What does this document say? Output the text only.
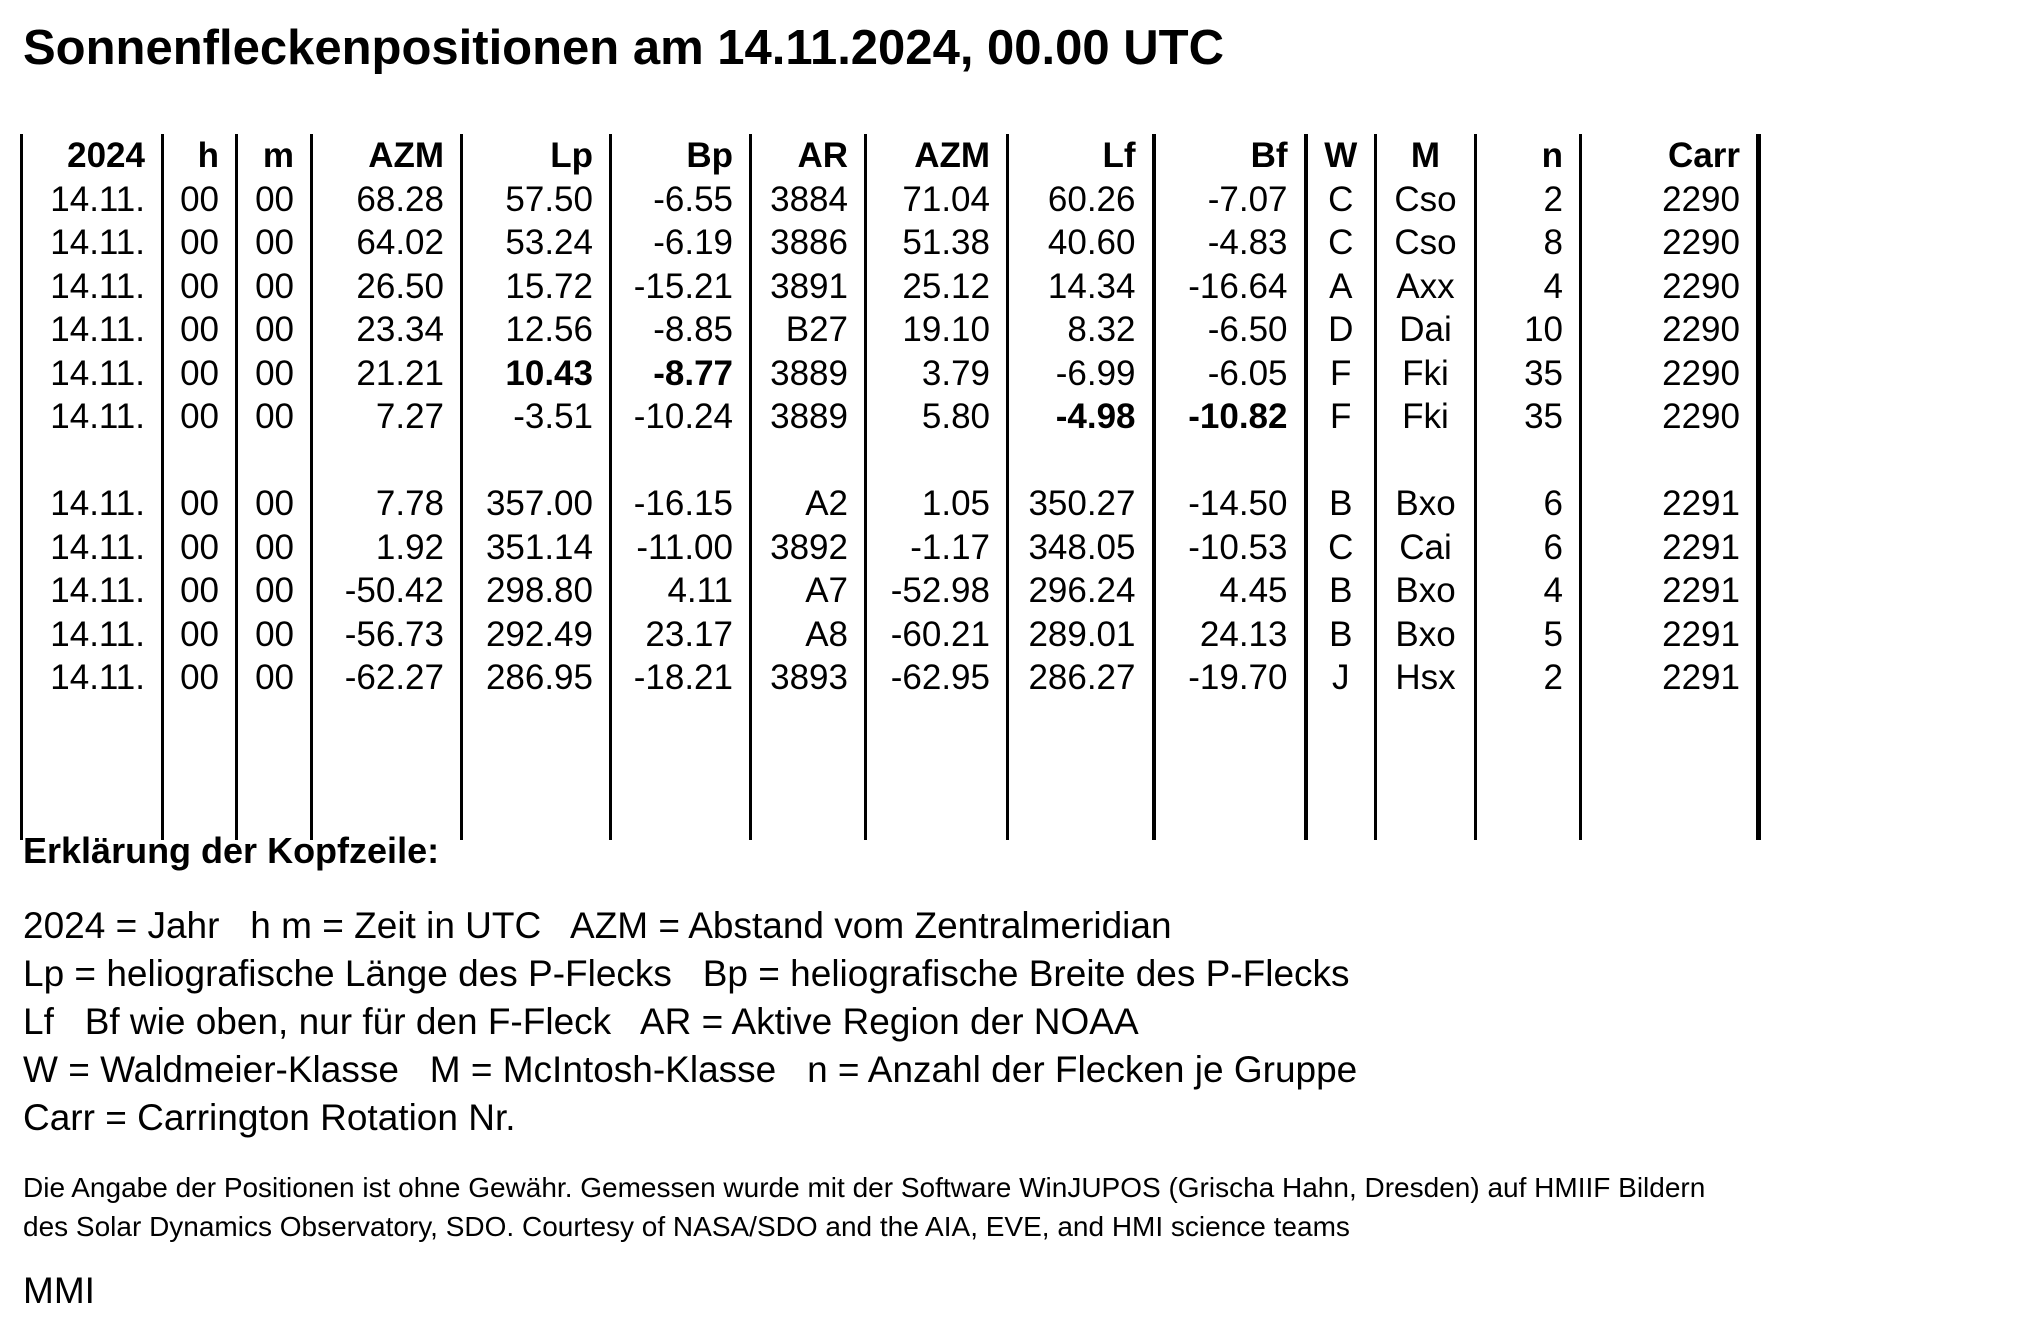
Sonnenfleckenpositionen am 14.11.2024, 00.00 UTC
2024	h	m	AZM	Lp	Bp	AR	AZM	Lf	Bf	W	M	n	Carr
14.11.	00	00	68.28	57.50	-6.55	3884	71.04	60.26	-7.07	C	Cso	2	2290
14.11.	00	00	64.02	53.24	-6.19	3886	51.38	40.60	-4.83	C	Cso	8	2290
14.11.	00	00	26.50	15.72	-15.21	3891	25.12	14.34	-16.64	A	Axx	4	2290
14.11.	00	00	23.34	12.56	-8.85	B27	19.10	8.32	-6.50	D	Dai	10	2290
14.11.	00	00	21.21	10.43	-8.77	3889	3.79	-6.99	-6.05	F	Fki	35	2290
14.11.	00	00	7.27	-3.51	-10.24	3889	5.80	-4.98	-10.82	F	Fki	35	2290

14.11.	00	00	7.78	357.00	-16.15	A2	1.05	350.27	-14.50	B	Bxo	6	2291
14.11.	00	00	1.92	351.14	-11.00	3892	-1.17	348.05	-10.53	C	Cai	6	2291
14.11.	00	00	-50.42	298.80	4.11	A7	-52.98	296.24	4.45	B	Bxo	4	2291
14.11.	00	00	-56.73	292.49	23.17	A8	-60.21	289.01	24.13	B	Bxo	5	2291
14.11.	00	00	-62.27	286.95	-18.21	3893	-62.95	286.27	-19.70	J	Hsx	2	2291

Erklärung der Kopfzeile:
2024 = Jahr   h m = Zeit in UTC   AZM = Abstand vom Zentralmeridian
Lp = heliografische Länge des P-Flecks   Bp = heliografische Breite des P-Flecks
Lf   Bf wie oben, nur für den F-Fleck   AR = Aktive Region der NOAA
W = Waldmeier-Klasse   M = McIntosh-Klasse   n = Anzahl der Flecken je Gruppe
Carr = Carrington Rotation Nr.
Die Angabe der Positionen ist ohne Gewähr. Gemessen wurde mit der Software WinJUPOS (Grischa Hahn, Dresden) auf HMIIF Bildern
des Solar Dynamics Observatory, SDO. Courtesy of NASA/SDO and the AIA, EVE, and HMI science teams
MMI
